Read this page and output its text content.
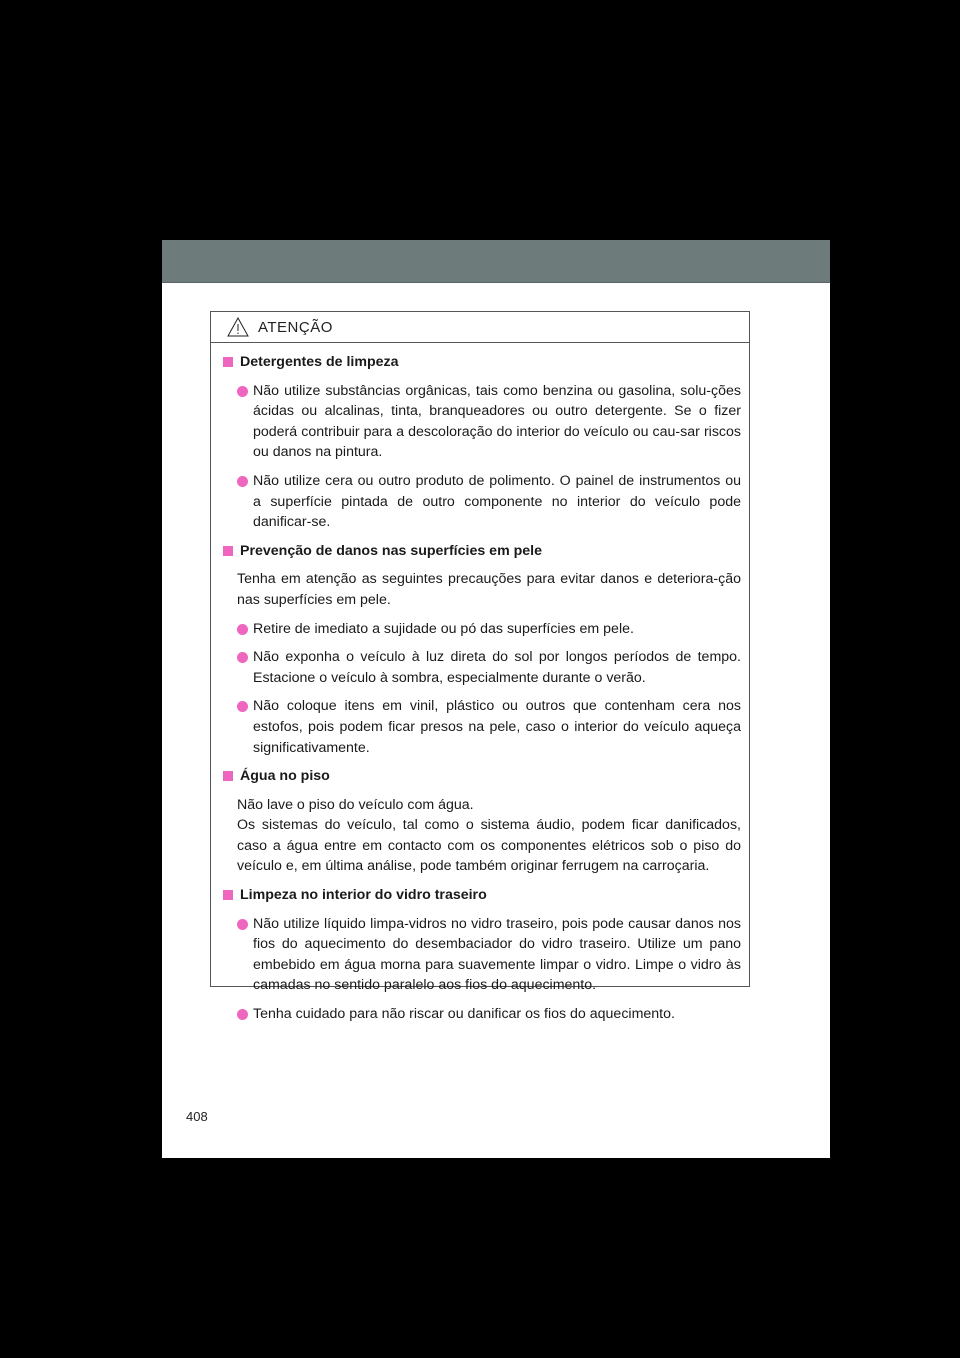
ATENÇÃO
Detergentes de limpeza
Não utilize substâncias orgânicas, tais como benzina ou gasolina, solu-ções ácidas ou alcalinas, tinta, branqueadores ou outro detergente. Se o fizer poderá contribuir para a descoloração do interior do veículo ou cau-sar riscos ou danos na pintura.
Não utilize cera ou outro produto de polimento. O painel de instrumentos ou a superfície pintada de outro componente no interior do veículo pode danificar-se.
Prevenção de danos nas superfícies em pele
Tenha em atenção as seguintes precauções para evitar danos e deteriora-ção nas superfícies em pele.
Retire de imediato a sujidade ou pó das superfícies em pele.
Não exponha o veículo à luz direta do sol por longos períodos de tempo. Estacione o veículo à sombra, especialmente durante o verão.
Não coloque itens em vinil, plástico ou outros que contenham cera nos estofos, pois podem ficar presos na pele, caso o interior do veículo aqueça significativamente.
Água no piso
Não lave o piso do veículo com água.
Os sistemas do veículo, tal como o sistema áudio, podem ficar danificados, caso a água entre em contacto com os componentes elétricos sob o piso do veículo e, em última análise, pode também originar ferrugem na carroçaria.
Limpeza no interior do vidro traseiro
Não utilize líquido limpa-vidros no vidro traseiro, pois pode causar danos nos fios do aquecimento do desembaciador do vidro traseiro. Utilize um pano embebido em água morna para suavemente limpar o vidro. Limpe o vidro às camadas no sentido paralelo aos fios do aquecimento.
Tenha cuidado para não riscar ou danificar os fios do aquecimento.
408
